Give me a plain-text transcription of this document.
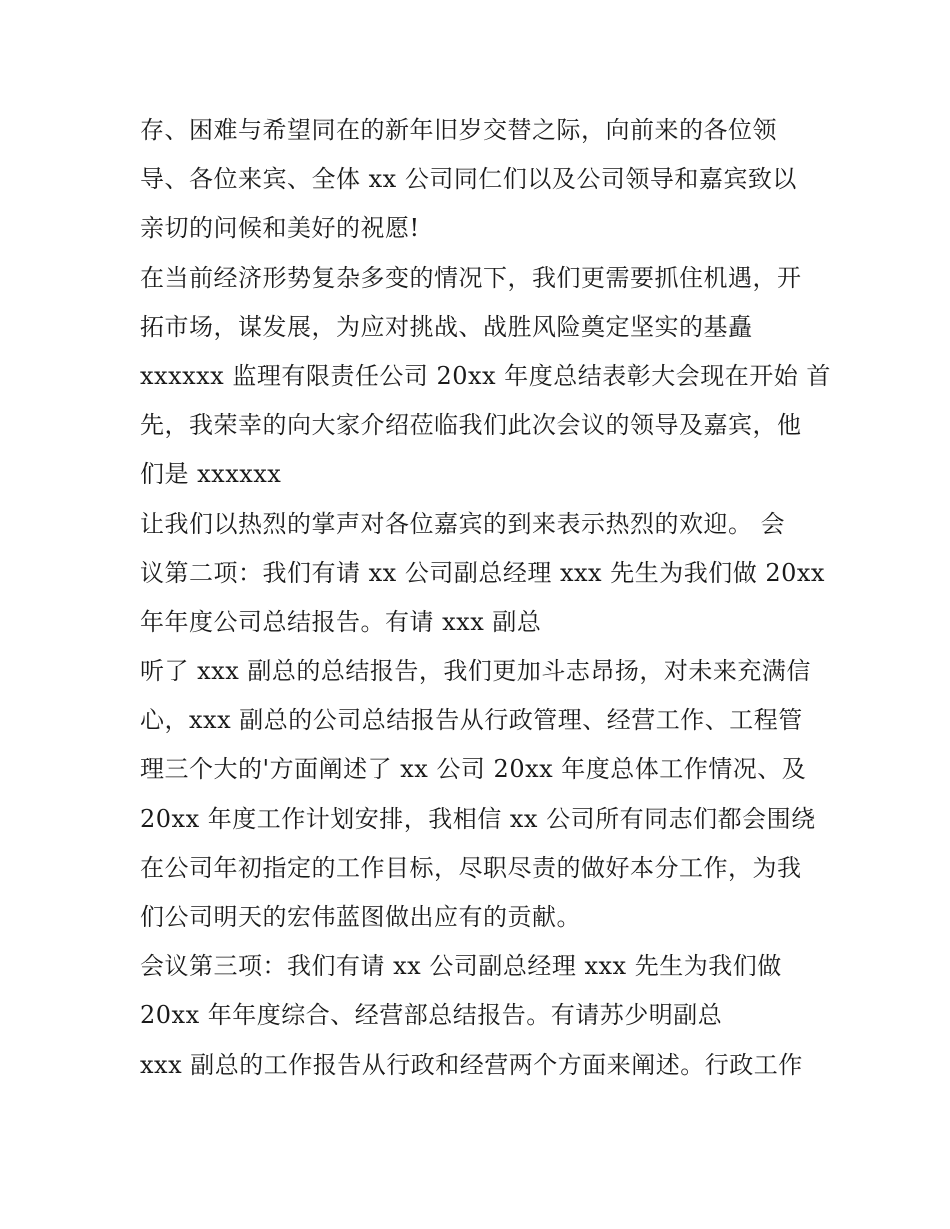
存、困难与希望同在的新年旧岁交替之际，向前来的各位领
导、各位来宾、全体 xx 公司同仁们以及公司领导和嘉宾致以
亲切的问候和美好的祝愿!
在当前经济形势复杂多变的情况下，我们更需要抓住机遇，开
拓市场，谋发展，为应对挑战、战胜风险奠定坚实的基矗
xxxxxx 监理有限责任公司 20xx 年度总结表彰大会现在开始 首
先，我荣幸的向大家介绍莅临我们此次会议的领导及嘉宾，他
们是 xxxxxx
让我们以热烈的掌声对各位嘉宾的到来表示热烈的欢迎。 会
议第二项：我们有请 xx 公司副总经理 xxx 先生为我们做 20xx
年年度公司总结报告。有请 xxx 副总
听了 xxx 副总的总结报告，我们更加斗志昂扬，对未来充满信
心，xxx 副总的公司总结报告从行政管理、经营工作、工程管
理三个大的'方面阐述了 xx 公司 20xx 年度总体工作情况、及
20xx 年度工作计划安排，我相信 xx 公司所有同志们都会围绕
在公司年初指定的工作目标，尽职尽责的做好本分工作，为我
们公司明天的宏伟蓝图做出应有的贡献。
会议第三项：我们有请 xx 公司副总经理 xxx 先生为我们做
20xx 年年度综合、经营部总结报告。有请苏少明副总
xxx 副总的工作报告从行政和经营两个方面来阐述。行政工作
